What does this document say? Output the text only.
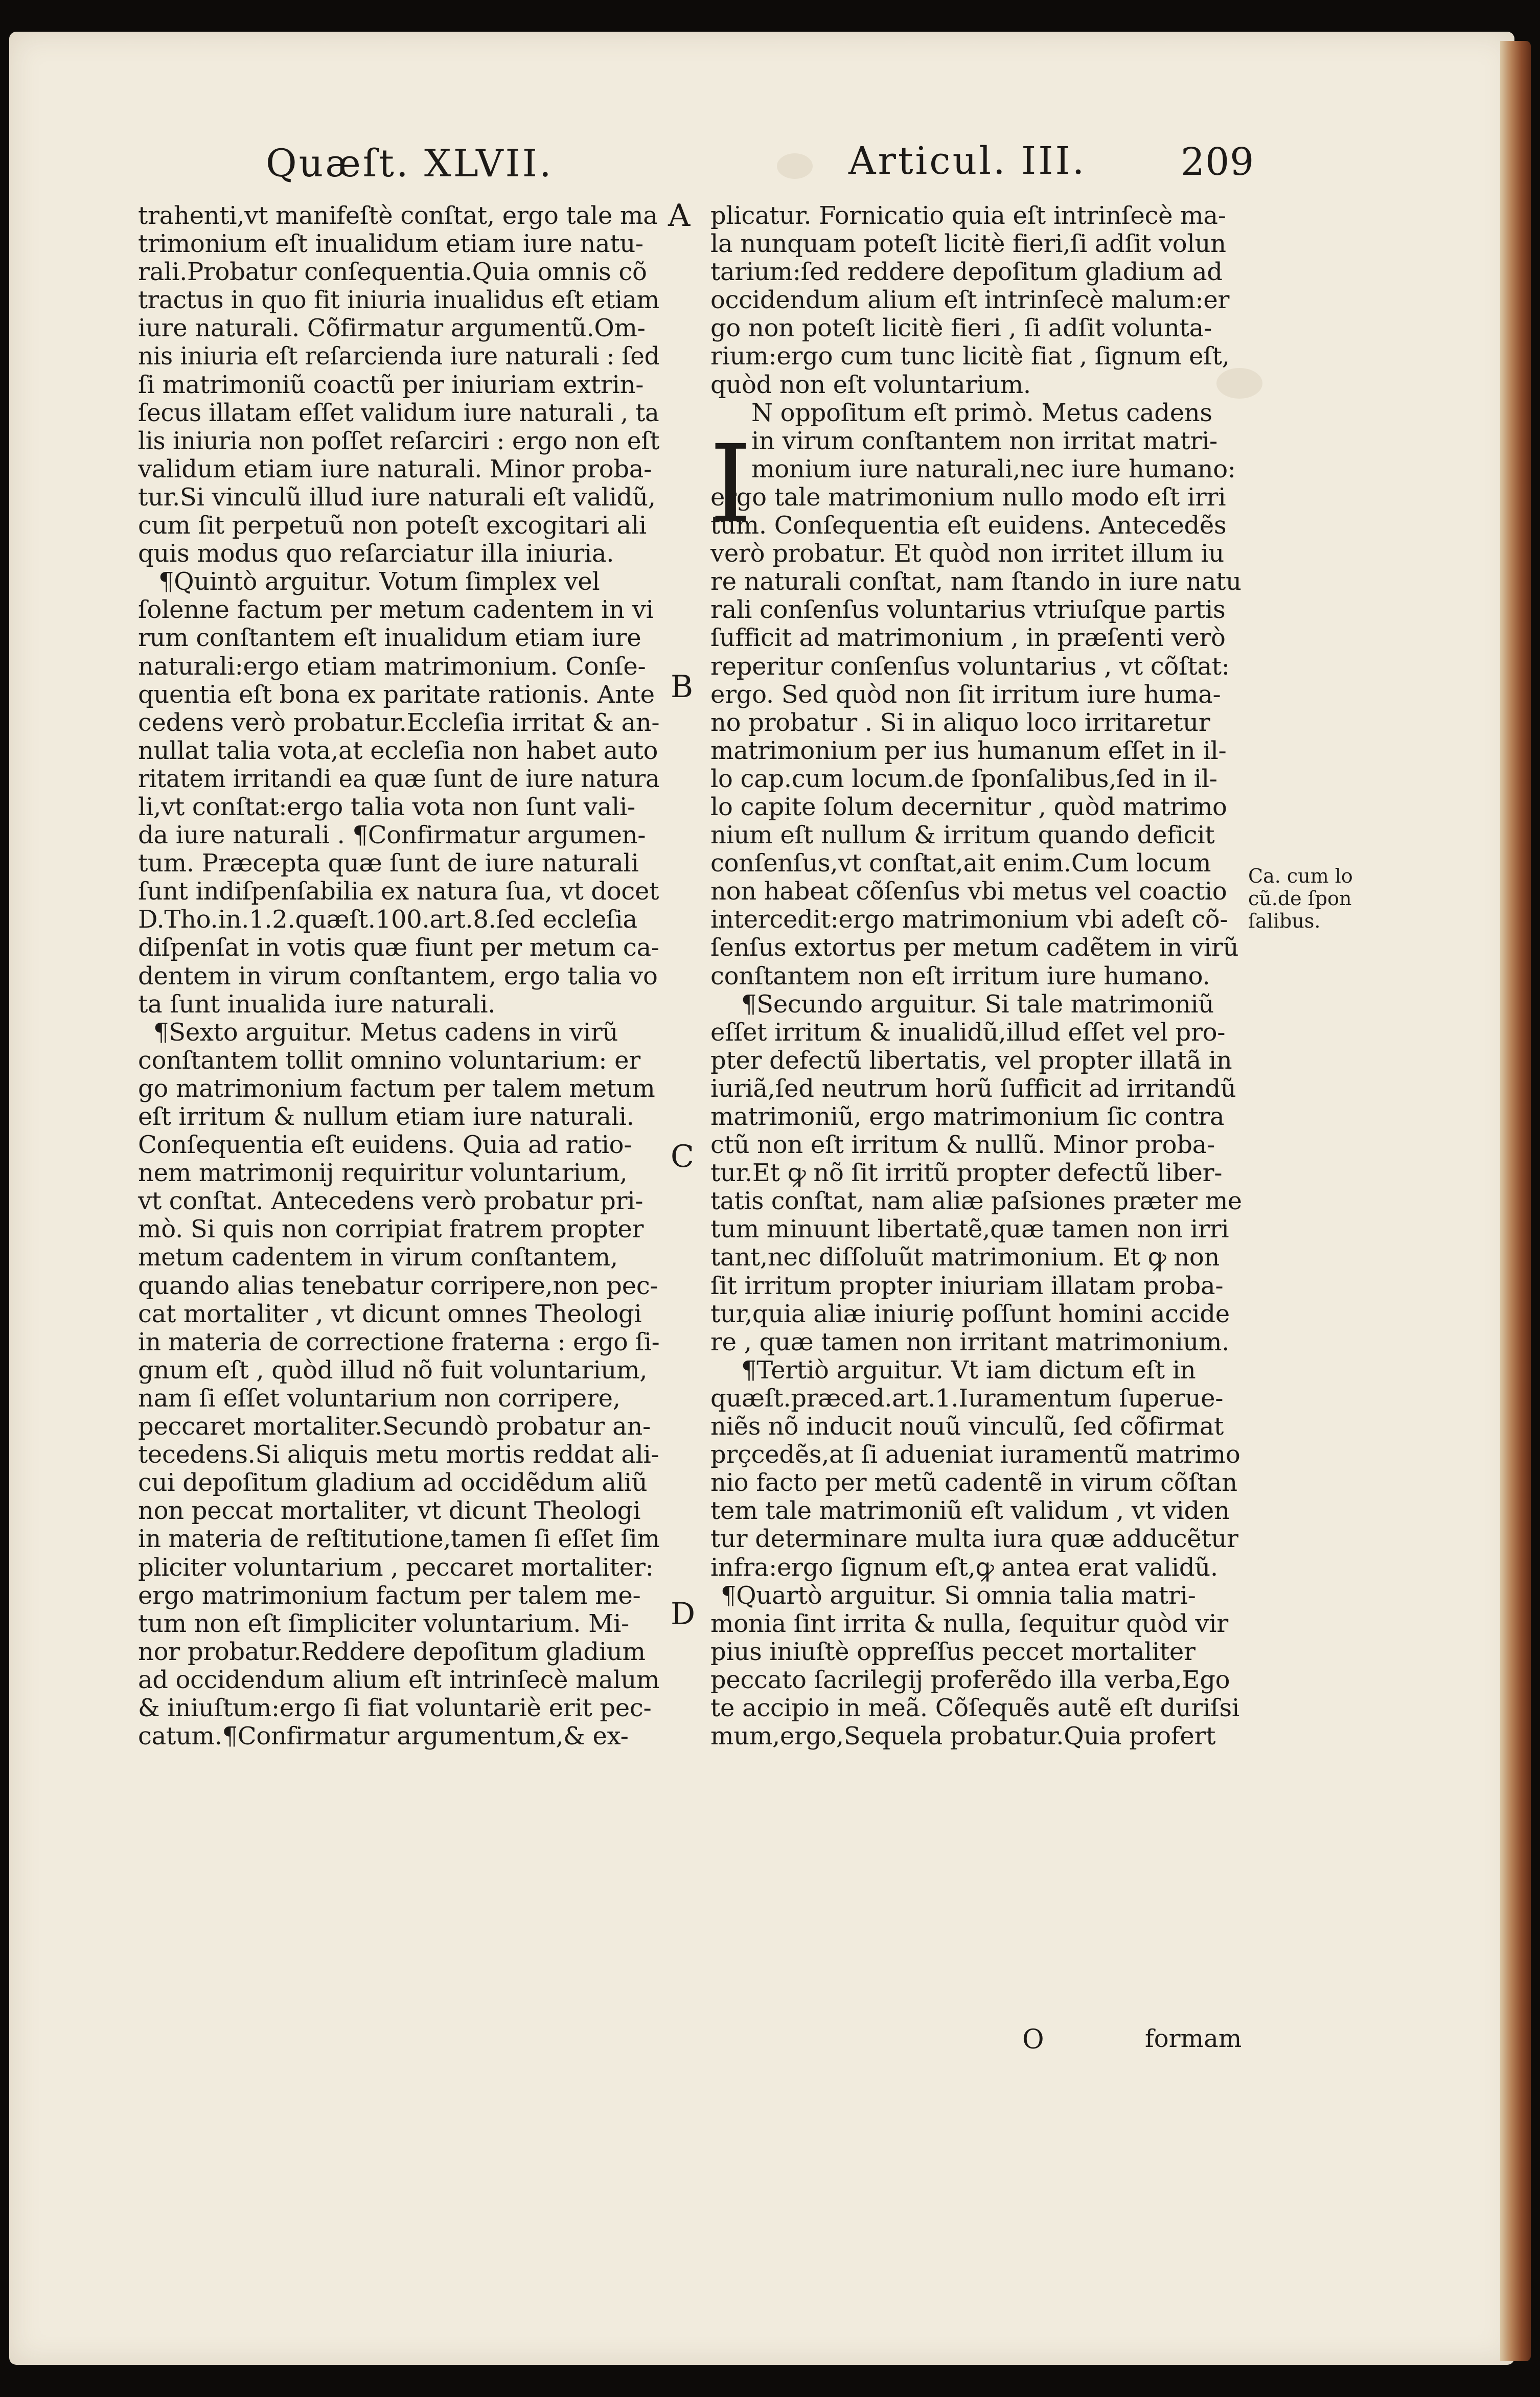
Quæſt. XLVII.	Articul. III. 209
trahenti,vt manifeſtè conſtat, ergo tale ma
trimonium eſt inualidum etiam iure natu-
rali.Probatur conſequentia.Quia omnis cõ
tractus in quo fit iniuria inualidus eſt etiam
iure naturali. Cõfirmatur argumentũ.Om-
nis iniuria eſt reſarcienda iure naturali : ſed
ſi matrimoniũ coactũ per iniuriam extrin-
ſecus illatam eſſet validum iure naturali , ta
lis iniuria non poſſet reſarciri : ergo non eſt
validum etiam iure naturali. Minor proba-
tur.Si vinculũ illud iure naturali eſt validũ,
cum ſit perpetuũ non poteſt excogitari ali
quis modus quo reſarciatur illa iniuria.
¶Quintò arguitur. Votum ſimplex vel
ſolenne factum per metum cadentem in vi
rum conſtantem eſt inualidum etiam iure
naturali:ergo etiam matrimonium. Conſe-
quentia eſt bona ex paritate rationis. Ante
cedens verò probatur.Eccleſia irritat & an-
nullat talia vota,at eccleſia non habet auto
ritatem irritandi ea quæ ſunt de iure natura
li,vt conſtat:ergo talia vota non ſunt vali-
da iure naturali . ¶Confirmatur argumen-
tum. Præcepta quæ ſunt de iure naturali
ſunt indiſpenſabilia ex natura ſua, vt docet
D.Tho.in.1.2.quæſt.100.art.8.ſed eccleſia
diſpenſat in votis quæ fiunt per metum ca-
dentem in virum conſtantem, ergo talia vo
ta ſunt inualida iure naturali.
¶Sexto arguitur. Metus cadens in virũ
conſtantem tollit omnino voluntarium: er
go matrimonium factum per talem metum
eſt irritum & nullum etiam iure naturali.
Conſequentia eſt euidens. Quia ad ratio-
nem matrimonij requiritur voluntarium,
vt conſtat. Antecedens verò probatur pri-
mò. Si quis non corripiat fratrem propter
metum cadentem in virum conſtantem,
quando alias tenebatur corripere,non pec-
cat mortaliter , vt dicunt omnes Theologi
in materia de correctione fraterna : ergo ſi-
gnum eſt , quòd illud nõ fuit voluntarium,
nam ſi eſſet voluntarium non corripere,
peccaret mortaliter.Secundò probatur an-
tecedens.Si aliquis metu mortis reddat ali-
cui depoſitum gladium ad occidẽdum aliũ
non peccat mortaliter, vt dicunt Theologi
in materia de reſtitutione,tamen ſi eſſet ſim
pliciter voluntarium , peccaret mortaliter:
ergo matrimonium factum per talem me-
tum non eſt ſimpliciter voluntarium. Mi-
nor probatur.Reddere depoſitum gladium
ad occidendum alium eſt intrinſecè malum
& iniuſtum:ergo ſi fiat voluntariè erit pec-
catum.¶Confirmatur argumentum,& ex-
plicatur. Fornicatio quia eſt intrinſecè ma-
la nunquam poteſt licitè fieri,ſi adſit volun
tarium:ſed reddere depoſitum gladium ad
occidendum alium eſt intrinſecè malum:er
go non poteſt licitè fieri , ſi adſit volunta-
rium:ergo cum tunc licitè fiat , ſignum eſt,
quòd non eſt voluntarium.
N oppoſitum eſt primò. Metus cadens
in virum conſtantem non irritat matri-
monium iure naturali,nec iure humano:
ergo tale matrimonium nullo modo eſt irri
tum. Conſequentia eſt euidens. Antecedẽs
verò probatur. Et quòd non irritet illum iu
re naturali conſtat, nam ſtando in iure natu
rali conſenſus voluntarius vtriuſque partis
ſufficit ad matrimonium , in præſenti verò
reperitur conſenſus voluntarius , vt cõſtat:
ergo. Sed quòd non ſit irritum iure huma-
no probatur . Si in aliquo loco irritaretur
matrimonium per ius humanum eſſet in il-
lo cap.cum locum.de ſponſalibus,ſed in il-
lo capite ſolum decernitur , quòd matrimo
nium eſt nullum & irritum quando deficit
conſenſus,vt conſtat,ait enim.Cum locum
non habeat cõſenſus vbi metus vel coactio
intercedit:ergo matrimonium vbi adeſt cõ-
ſenſus extortus per metum cadẽtem in virũ
conſtantem non eſt irritum iure humano.
¶Secundo arguitur. Si tale matrimoniũ
eſſet irritum & inualidũ,illud eſſet vel pro-
pter defectũ libertatis, vel propter illatã in
iuriã,ſed neutrum horũ ſufficit ad irritandũ
matrimoniũ, ergo matrimonium ſic contra
ctũ non eſt irritum & nullũ. Minor proba-
tur.Et ꝙ nõ ſit irritũ propter defectũ liber-
tatis conſtat, nam aliæ paſsiones præter me
tum minuunt libertatẽ,quæ tamen non irri
tant,nec diſſoluũt matrimonium. Et ꝙ non
ſit irritum propter iniuriam illatam proba-
tur,quia aliæ iniuriȩ poſſunt homini accide
re , quæ tamen non irritant matrimonium.
¶Tertiò arguitur. Vt iam dictum eſt in
quæſt.præced.art.1.Iuramentum ſuperue-
niẽs nõ inducit nouũ vinculũ, ſed cõfirmat
prçcedẽs,at ſi adueniat iuramentũ matrimo
nio facto per metũ cadentẽ in virum cõſtan
tem tale matrimoniũ eſt validum , vt viden
tur determinare multa iura quæ adducẽtur
infra:ergo ſignum eſt,ꝙ antea erat validũ.
¶Quartò arguitur. Si omnia talia matri-
monia ſint irrita & nulla, ſequitur quòd vir
pius iniuſtè oppreſſus peccet mortaliter
peccato ſacrilegij proferẽdo illa verba,Ego
te accipio in meã. Cõſequẽs autẽ eſt duriſsi
mum,ergo,Sequela probatur.Quia profert
I
A
B
C
D
Ca. cum lo
cũ.de ſpon
ſalibus.
O	formam
